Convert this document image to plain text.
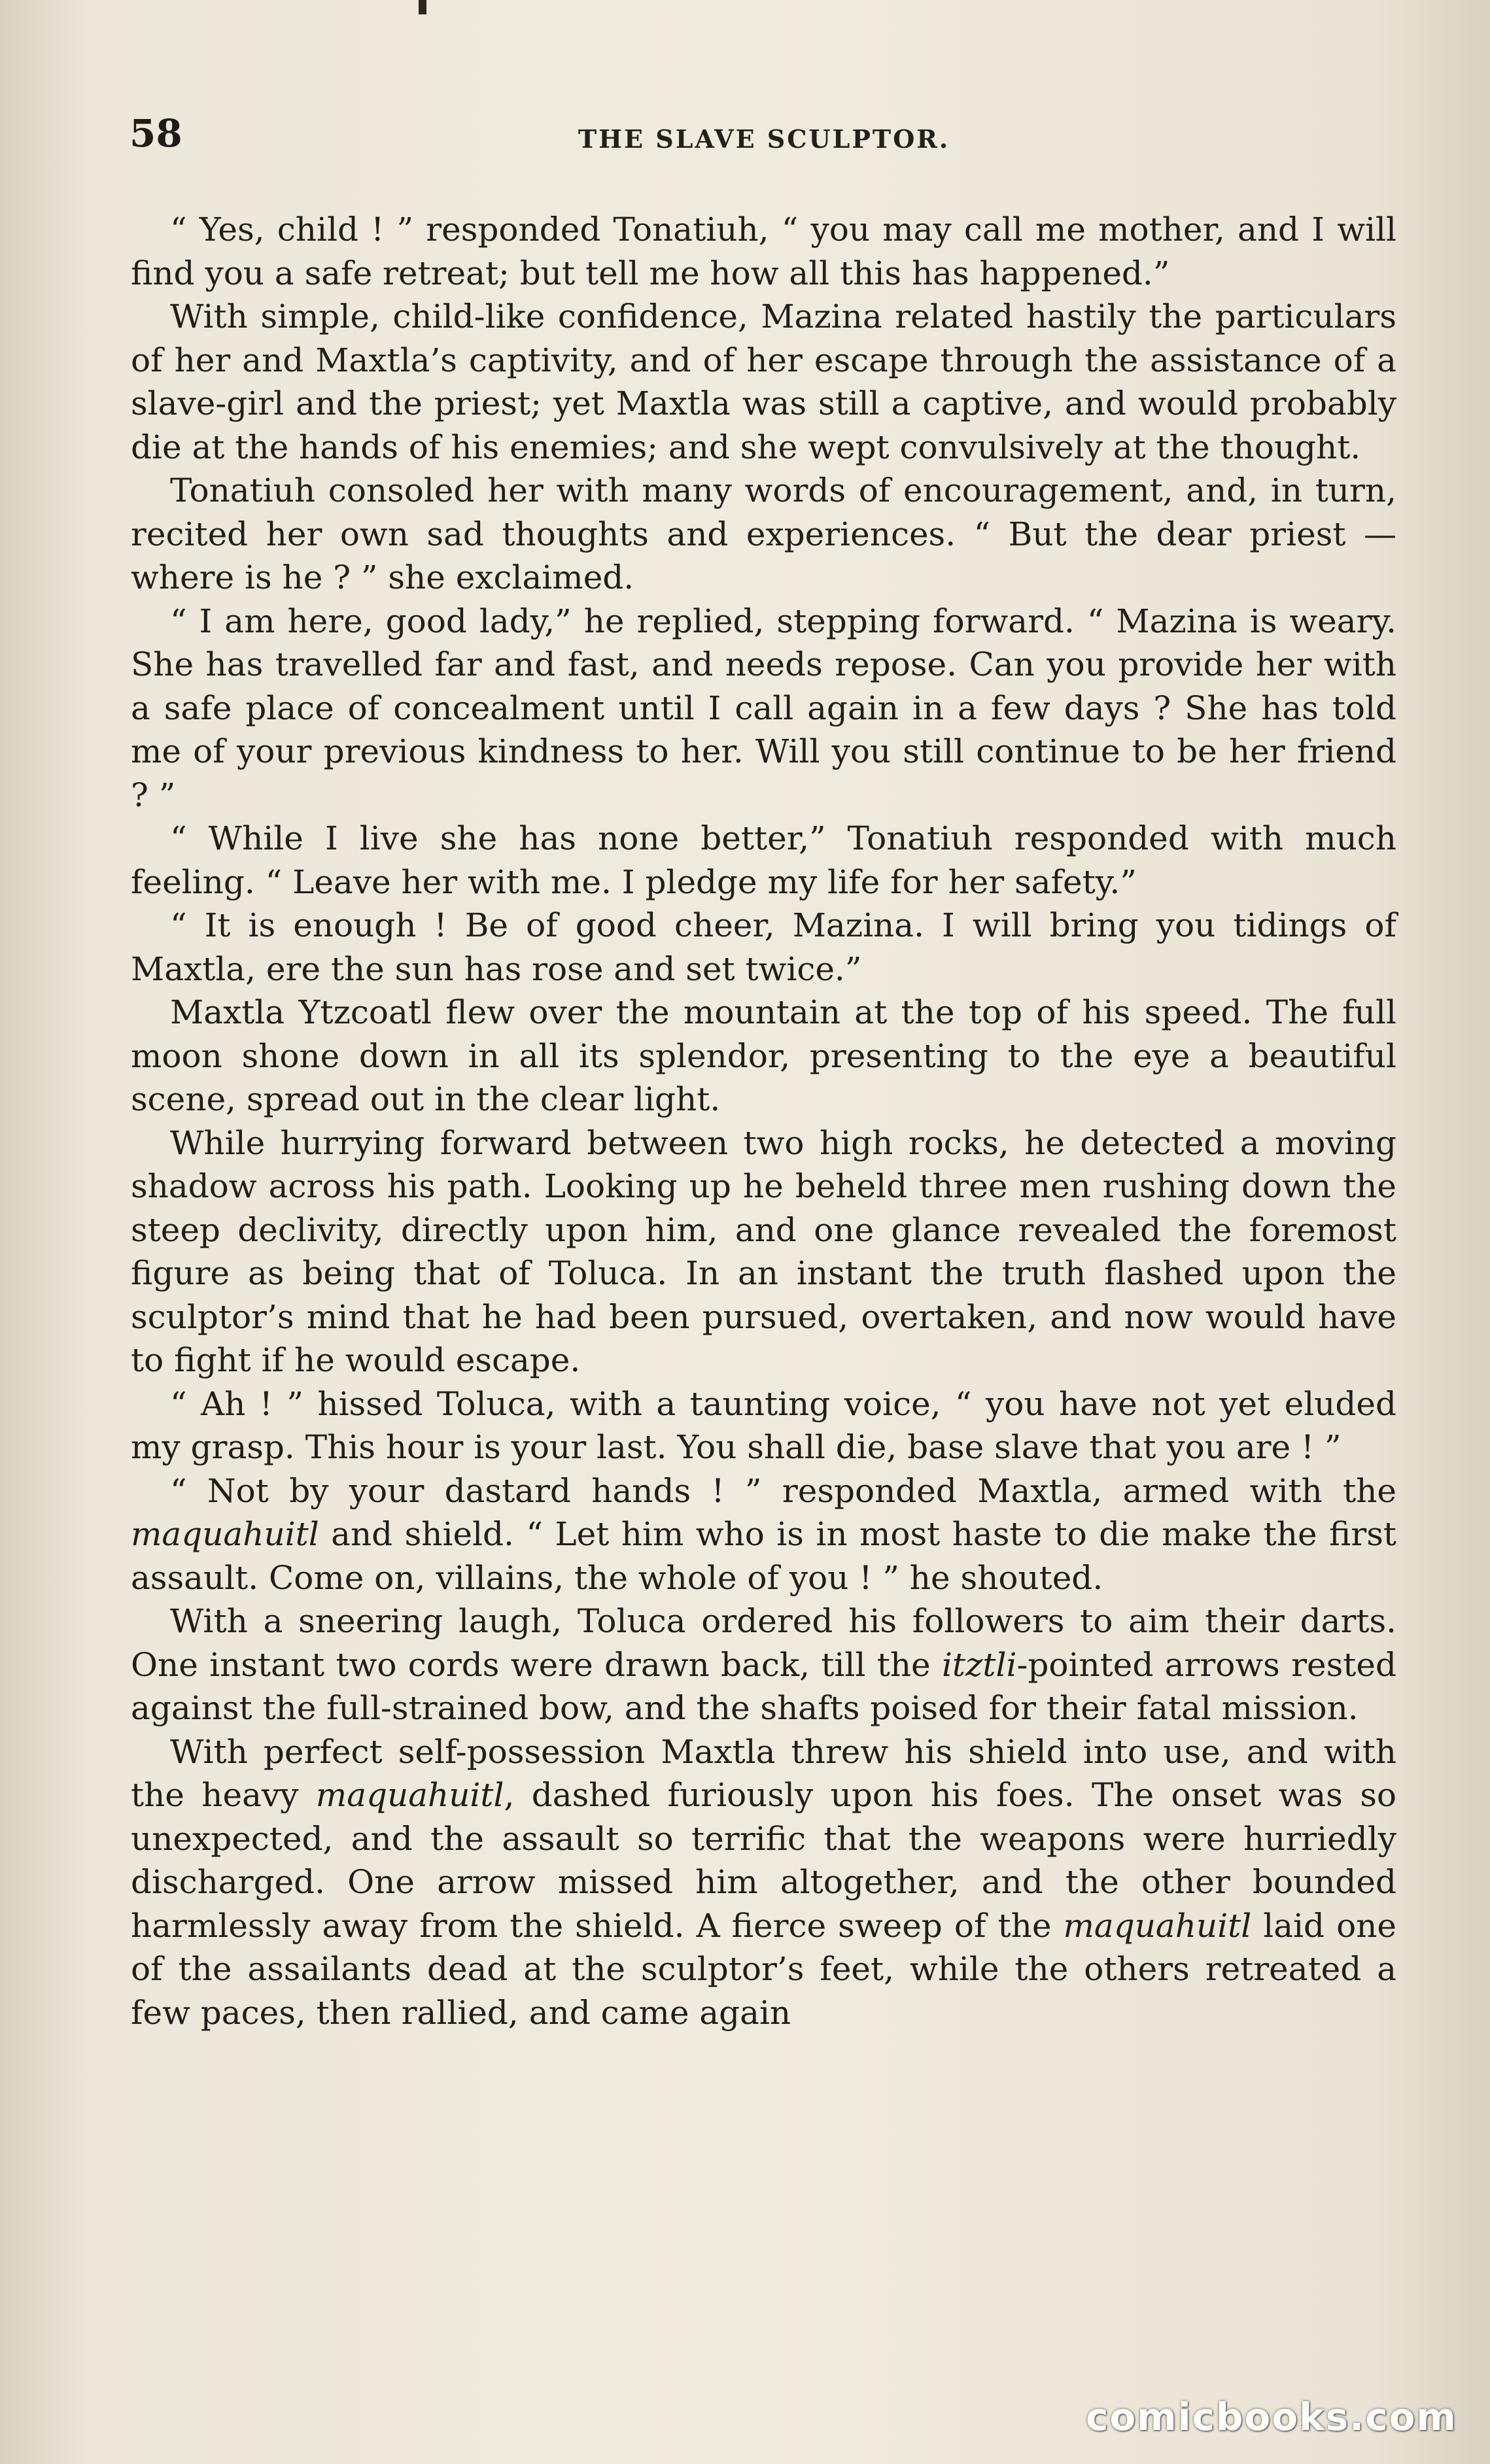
58	THE SLAVE SCULPTOR.

“ Yes, child ! ” responded Tonatiuh, “ you may call me mother, and I will find you a safe retreat; but tell me how all this has happened.”

With simple, child-like confidence, Mazina related hastily the particulars of her and Maxtla’s captivity, and of her escape through the assistance of a slave-girl and the priest; yet Maxtla was still a captive, and would probably die at the hands of his enemies; and she wept convulsively at the thought.

Tonatiuh consoled her with many words of encouragement, and, in turn, recited her own sad thoughts and experiences. “ But the dear priest — where is he ? ” she exclaimed.

“ I am here, good lady,” he replied, stepping forward. “ Mazina is weary. She has travelled far and fast, and needs repose. Can you provide her with a safe place of concealment until I call again in a few days ? She has told me of your previous kindness to her. Will you still continue to be her friend ? ”

“ While I live she has none better,” Tonatiuh responded with much feeling. “ Leave her with me. I pledge my life for her safety.”

“ It is enough ! Be of good cheer, Mazina. I will bring you tidings of Maxtla, ere the sun has rose and set twice.”

Maxtla Ytzcoatl flew over the mountain at the top of his speed. The full moon shone down in all its splendor, presenting to the eye a beautiful scene, spread out in the clear light.

While hurrying forward between two high rocks, he detected a moving shadow across his path. Looking up he beheld three men rushing down the steep declivity, directly upon him, and one glance revealed the foremost figure as being that of Toluca. In an instant the truth flashed upon the sculptor’s mind that he had been pursued, overtaken, and now would have to fight if he would escape.

“ Ah ! ” hissed Toluca, with a taunting voice, “ you have not yet eluded my grasp. This hour is your last. You shall die, base slave that you are ! ”

“ Not by your dastard hands ! ” responded Maxtla, armed with the maquahuitl and shield. “ Let him who is in most haste to die make the first assault. Come on, villains, the whole of you ! ” he shouted.

With a sneering laugh, Toluca ordered his followers to aim their darts. One instant two cords were drawn back, till the itztli-pointed arrows rested against the full-strained bow, and the shafts poised for their fatal mission.

With perfect self-possession Maxtla threw his shield into use, and with the heavy maquahuitl, dashed furiously upon his foes. The onset was so unexpected, and the assault so terrific that the weapons were hurriedly discharged. One arrow missed him altogether, and the other bounded harmlessly away from the shield. A fierce sweep of the maquahuitl laid one of the assailants dead at the sculptor’s feet, while the others retreated a few paces, then rallied, and came again

comicbooks.com
